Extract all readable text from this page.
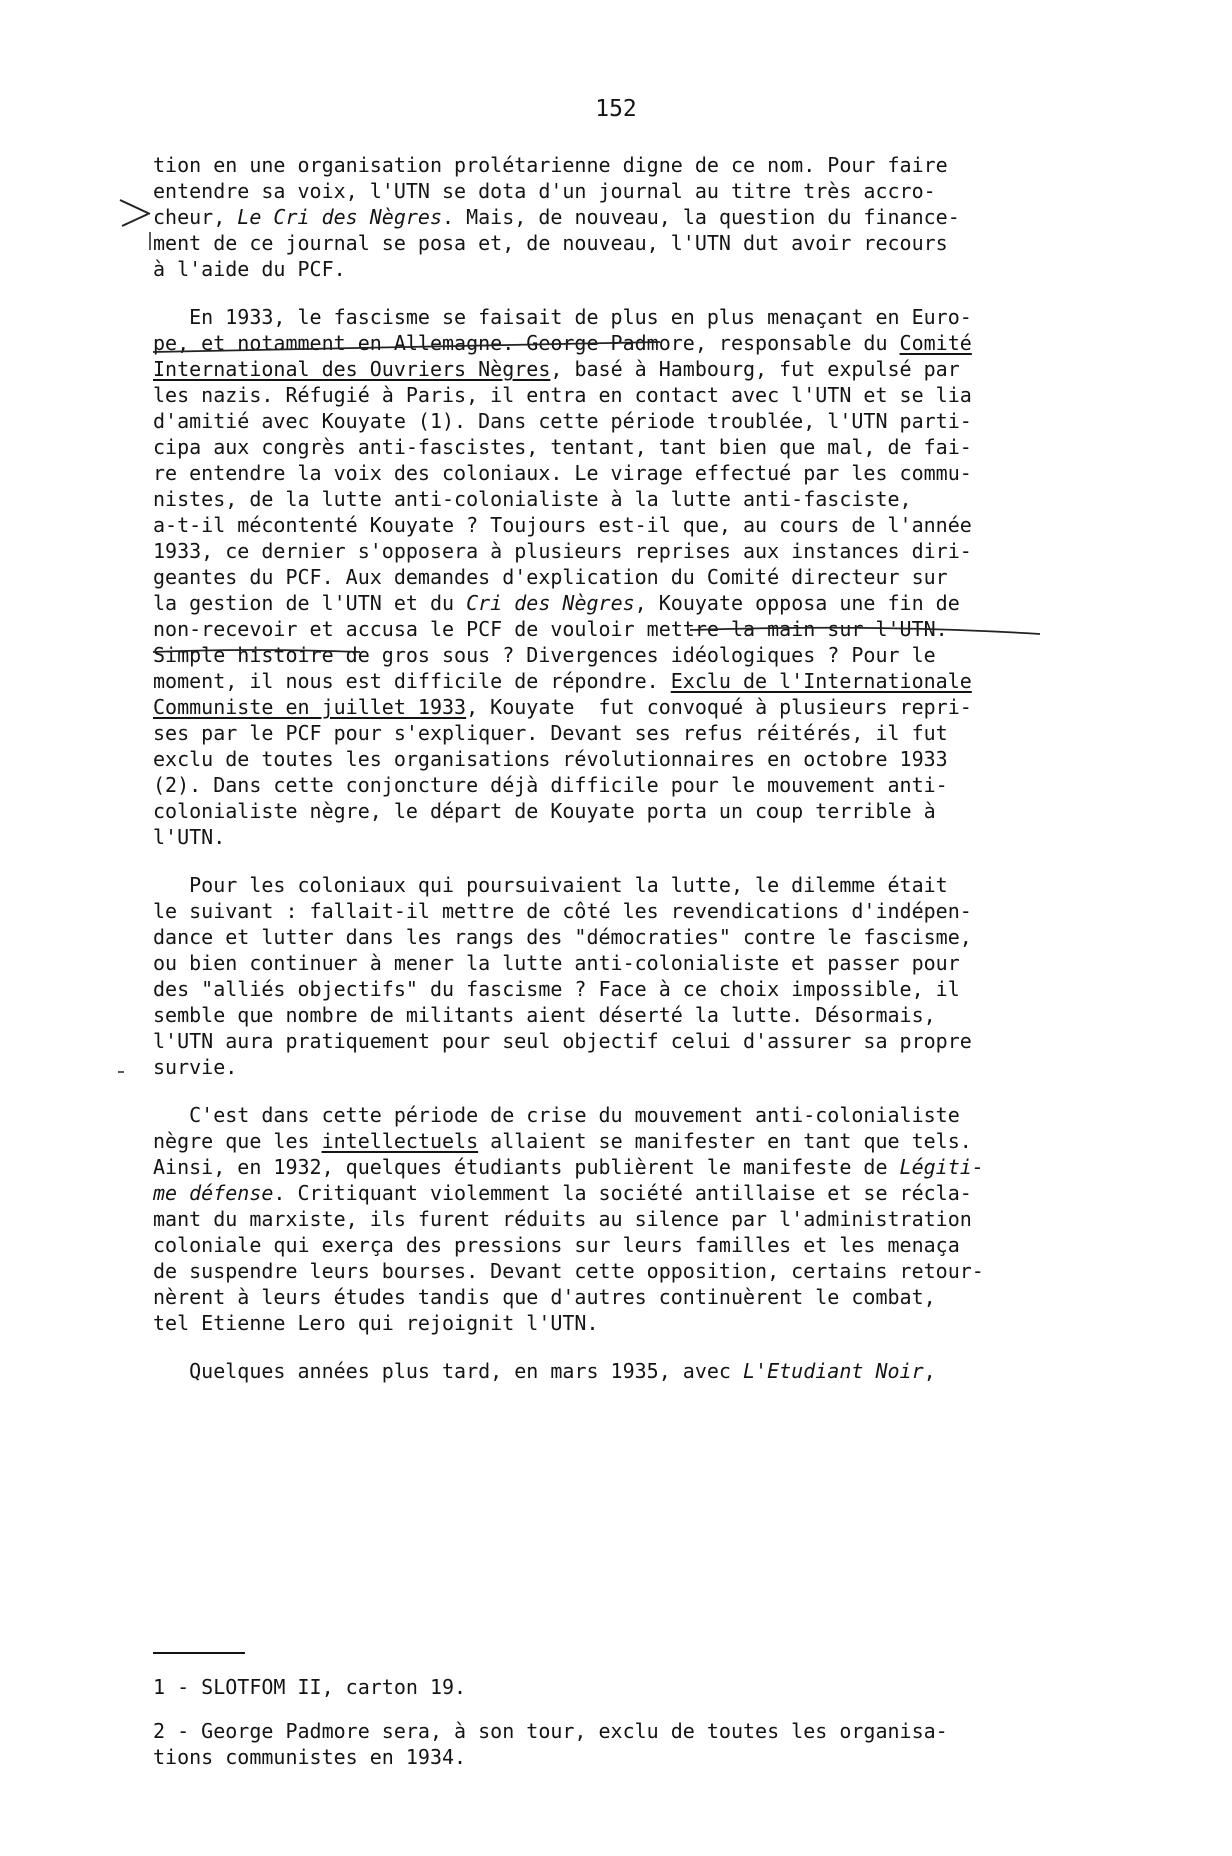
152
tion en une organisation prolétarienne digne de ce nom. Pour faire
entendre sa voix, l'UTN se dota d'un journal au titre très accro-
cheur, Le Cri des Nègres. Mais, de nouveau, la question du finance-
ment de ce journal se posa et, de nouveau, l'UTN dut avoir recours
à l'aide du PCF.
En 1933, le fascisme se faisait de plus en plus menaçant en Euro-
pe, et notamment en Allemagne. George Padmore, responsable du Comité
International des Ouvriers Nègres, basé à Hambourg, fut expulsé par
les nazis. Réfugié à Paris, il entra en contact avec l'UTN et se lia
d'amitié avec Kouyate (1). Dans cette période troublée, l'UTN parti-
cipa aux congrès anti-fascistes, tentant, tant bien que mal, de fai-
re entendre la voix des coloniaux. Le virage effectué par les commu-
nistes, de la lutte anti-colonialiste à la lutte anti-fasciste,
a-t-il mécontenté Kouyate ? Toujours est-il que, au cours de l'année
1933, ce dernier s'opposera à plusieurs reprises aux instances diri-
geantes du PCF. Aux demandes d'explication du Comité directeur sur
la gestion de l'UTN et du Cri des Nègres, Kouyate opposa une fin de
non-recevoir et accusa le PCF de vouloir mettre la main sur l'UTN.
Simple histoire de gros sous ? Divergences idéologiques ? Pour le
moment, il nous est difficile de répondre. Exclu de l'Internationale
Communiste en juillet 1933, Kouyate  fut convoqué à plusieurs repri-
ses par le PCF pour s'expliquer. Devant ses refus réitérés, il fut
exclu de toutes les organisations révolutionnaires en octobre 1933
(2). Dans cette conjoncture déjà difficile pour le mouvement anti-
colonialiste nègre, le départ de Kouyate porta un coup terrible à
l'UTN.
Pour les coloniaux qui poursuivaient la lutte, le dilemme était
le suivant : fallait-il mettre de côté les revendications d'indépen-
dance et lutter dans les rangs des "démocraties" contre le fascisme,
ou bien continuer à mener la lutte anti-colonialiste et passer pour
des "alliés objectifs" du fascisme ? Face à ce choix impossible, il
semble que nombre de militants aient déserté la lutte. Désormais,
l'UTN aura pratiquement pour seul objectif celui d'assurer sa propre
survie.
C'est dans cette période de crise du mouvement anti-colonialiste
nègre que les intellectuels allaient se manifester en tant que tels.
Ainsi, en 1932, quelques étudiants publièrent le manifeste de Légiti-
me défense. Critiquant violemment la société antillaise et se récla-
mant du marxiste, ils furent réduits au silence par l'administration
coloniale qui exerça des pressions sur leurs familles et les menaça
de suspendre leurs bourses. Devant cette opposition, certains retour-
nèrent à leurs études tandis que d'autres continuèrent le combat,
tel Etienne Lero qui rejoignit l'UTN.
Quelques années plus tard, en mars 1935, avec L'Etudiant Noir,
1 - SLOTFOM II, carton 19.
2 - George Padmore sera, à son tour, exclu de toutes les organisa-
tions communistes en 1934.
